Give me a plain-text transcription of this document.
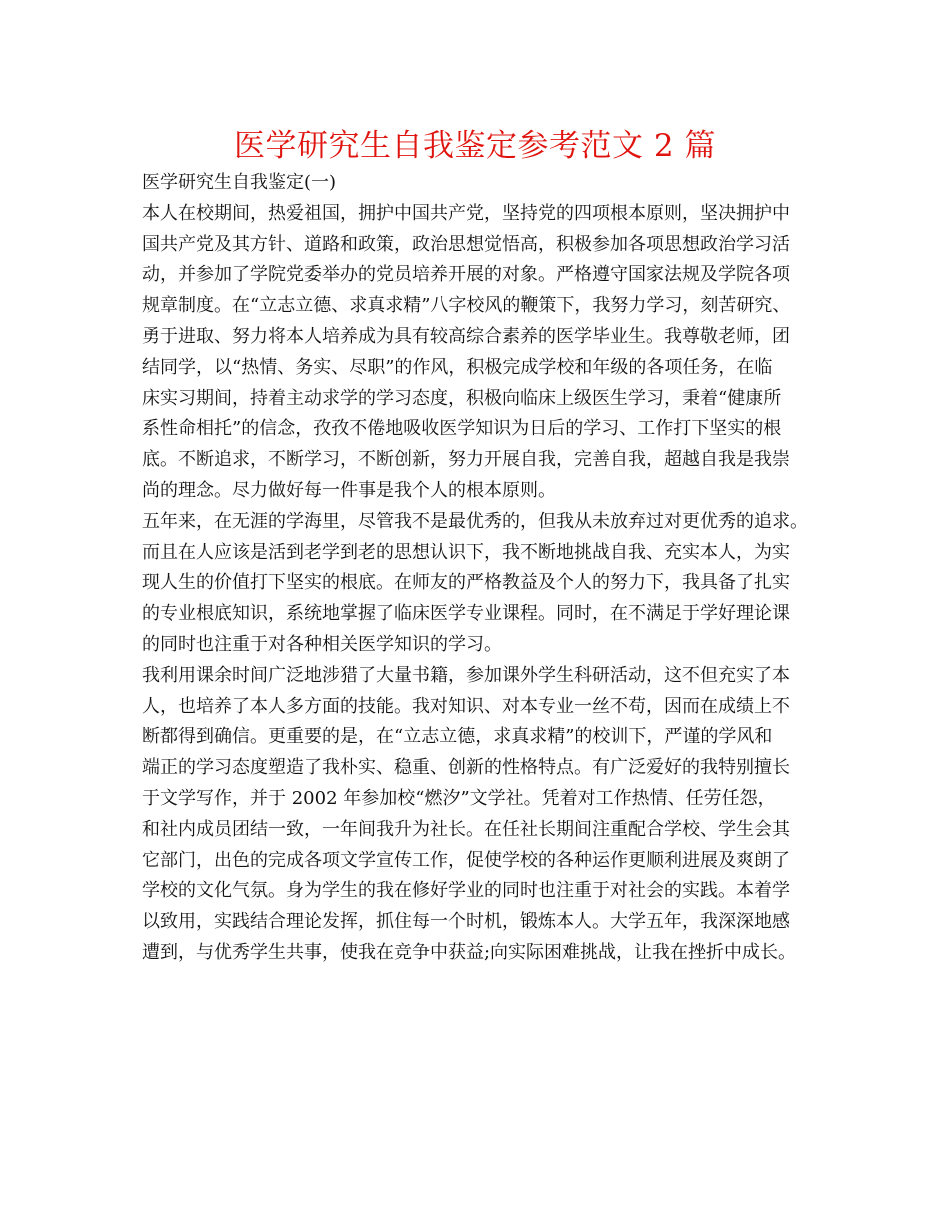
医学研究生自我鉴定参考范文 2 篇
医学研究生自我鉴定(一)
本人在校期间，热爱祖国，拥护中国共产党，坚持党的四项根本原则，坚决拥护中
国共产党及其方针、道路和政策，政治思想觉悟高，积极参加各项思想政治学习活
动，并参加了学院党委举办的党员培养开展的对象。严格遵守国家法规及学院各项
规章制度。在“立志立德、求真求精”八字校风的鞭策下，我努力学习，刻苦研究、
勇于进取、努力将本人培养成为具有较高综合素养的医学毕业生。我尊敬老师，团
结同学，以“热情、务实、尽职”的作风，积极完成学校和年级的各项任务，在临
床实习期间，持着主动求学的学习态度，积极向临床上级医生学习，秉着“健康所
系性命相托”的信念，孜孜不倦地吸收医学知识为日后的学习、工作打下坚实的根
底。不断追求，不断学习，不断创新，努力开展自我，完善自我，超越自我是我崇
尚的理念。尽力做好每一件事是我个人的根本原则。
五年来，在无涯的学海里，尽管我不是最优秀的，但我从未放弃过对更优秀的追求。
而且在人应该是活到老学到老的思想认识下，我不断地挑战自我、充实本人，为实
现人生的价值打下坚实的根底。在师友的严格教益及个人的努力下，我具备了扎实
的专业根底知识，系统地掌握了临床医学专业课程。同时，在不满足于学好理论课
的同时也注重于对各种相关医学知识的学习。
我利用课余时间广泛地涉猎了大量书籍，参加课外学生科研活动，这不但充实了本
人，也培养了本人多方面的技能。我对知识、对本专业一丝不苟，因而在成绩上不
断都得到确信。更重要的是，在“立志立德，求真求精”的校训下，严谨的学风和
端正的学习态度塑造了我朴实、稳重、创新的性格特点。有广泛爱好的我特别擅长
于文学写作，并于 2002 年参加校“燃汐”文学社。凭着对工作热情、任劳任怨，
和社内成员团结一致，一年间我升为社长。在任社长期间注重配合学校、学生会其
它部门，出色的完成各项文学宣传工作，促使学校的各种运作更顺利进展及爽朗了
学校的文化气氛。身为学生的我在修好学业的同时也注重于对社会的实践。本着学
以致用，实践结合理论发挥，抓住每一个时机，锻炼本人。大学五年，我深深地感
遭到，与优秀学生共事，使我在竞争中获益;向实际困难挑战，让我在挫折中成长。
